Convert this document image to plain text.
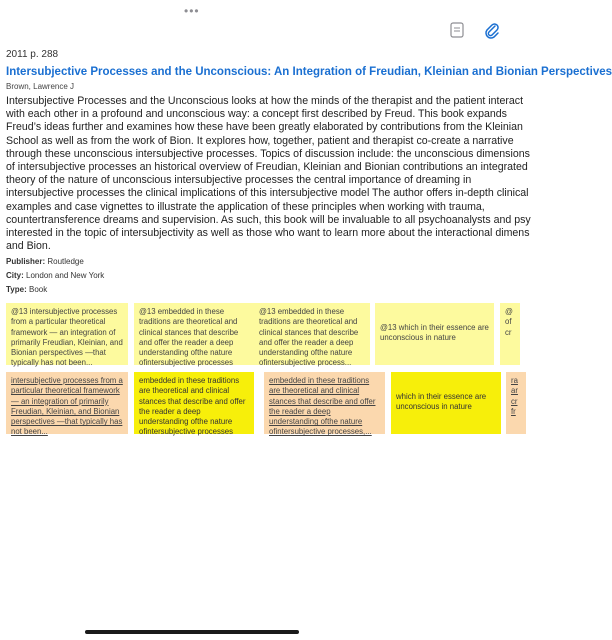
•••
2011 p. 288
Intersubjective Processes and the Unconscious: An Integration of Freudian, Kleinian and Bionian Perspectives
Brown, Lawrence J
Intersubjective Processes and the Unconscious looks at how the minds of the therapist and the patient interact
with each other in a profound and unconscious way: a concept first described by Freud. This book expands
Freud’s ideas further and examines how these have been greatly elaborated by contributions from the Kleinian
School as well as from the work of Bion. It explores how, together, patient and therapist co-create a narrative
through these unconscious intersubjective processes. Topics of discussion include: the unconscious dimensions
of intersubjective processes an historical overview of Freudian, Kleinian and Bionian contributions an integrated
theory of the nature of unconscious intersubjective processes the central importance of dreaming in
intersubjective processes the clinical implications of this intersubjective model The author offers in-depth clinical
examples and case vignettes to illustrate the application of these principles when working with trauma,
countertransference dreams and supervision. As such, this book will be invaluable to all psychoanalysts and psy
interested in the topic of intersubjectivity as well as those who want to learn more about the interactional dimens
and Bion.
Publisher: Routledge
City: London and New York
Type: Book
@13 intersubjective processes from a particular theoretical framework — an integration of primarily Freudian, Kleinian, and Bionian perspectives —that typically has not been...
@13 embedded in these traditions are theoretical and clinical stances that describe and offer the reader a deep understanding ofthe nature ofintersubjective processes
@13 embedded in these traditions are theoretical and clinical stances that describe and offer the reader a deep understanding ofthe nature ofintersubjective process...
@13 which in their essence are unconscious in nature
@ of cr
intersubjective processes from a particular theoretical framework — an integration of primarily Freudian, Kleinian, and Bionian perspectives —that typically has not been...
embedded in these traditions are theoretical and clinical stances that describe and offer the reader a deep understanding ofthe nature ofintersubjective processes
embedded in these traditions are theoretical and clinical stances that describe and offer the reader a deep understanding ofthe nature ofintersubjective processes,...
which in their essence are unconscious in nature
ra ar cr fr
